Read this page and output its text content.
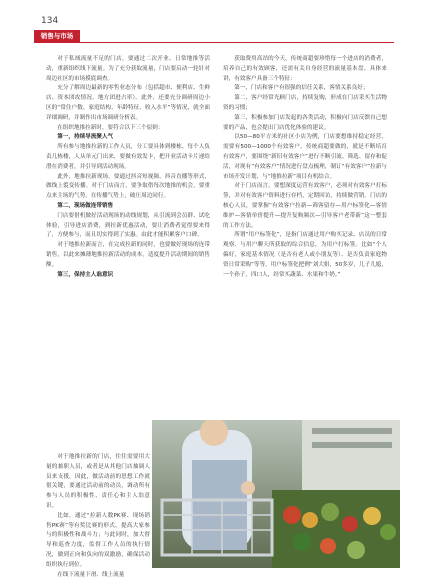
134
销售与市场

对于私域流量不足的门店，要通过二次开业、日常地推等活动，重新组织线下流量。为了充分获取流量，门店要启动一轮针对周边社区的市场摸底调查。

充分了解周边最新的零售业态分布（包括超市、便利店、生鲜店、资本团攻情况、地方团进占率）。此外，还要充分调研周边小区的“常住户数、家庭结构、年龄特征、收入水平”等情况，就全面详细调研，并制作出市场调研分析表。

在组织地推拉新时，要符合以下三个原则：

第一，持续导流聚人气

所有参与地推拉新的工作人员，分工要具体到楼栋、每个人负责几栋楼，人从单元门出来，要做有效发卡，把开业活动卡片递给潜在消费者，并引导到活动现场。

此外，地推拉新现场，要通过抖音短视频、抖音直播等形式，做线上裂变传播。对于门店而言，要争取借每次地推的机会，要重点来主场的气势，在传播气势上，破圧周边同行。

第二，现场做连带销售

门店要借机做好活动现场的动线规划，从引流到会员群、试吃体验，引导进店消费，到拉新优惠活动，要让消费者觉得要来得了，方便参与，而且切实得到了实惠。由此才能积累客户口碑。

对于地推拉新而言，在完成拉新的同时，也要做好现场的连带销售，以此来摊薄地推拉新活动的成本，适度提升活动期间的销售额。

第三，保持主人翁意识

对于地推拉新的门店，往往需要用大量的兼职人员，或者是从其他门店抽调人员来支援。因此，做活动前的思想工作就很关键，要通过活动前的动员，调动所有参与人员的积极性、责任心和主人翁意识。

比如，通过“拉新人数PK赛、现场销售PK赛”等有奖比赛的形式，提高大家参与的积极性和战斗力；与此同时，加大督导和巡查力度，监督工作人员的执行情况，做到正向和负向的双激励，确保活动组织执行到位。

在线下流量下滑、线上流量

获取费用高昂的今天，传统商超要珍惜每一个进店的消费者，培养自己的有效顾客，还需有关自身经营的流量基本盘。具体来讲，有效客户具备三个特征：

第一，门店和客户有很强的信任关系，客情关系良好；

第二，客户经常光顾门店，持续复购，形成在门店采买生活物资的习惯；

第三，积极参加门店发起的各类活动，积极向门店反馈自己想要的产品，也会提出门店优化体验的建议。

以50—80平方米的社区小店为例，门店要想维持稳定经营，需要有500—1000个有效客户。传统商超要做的，就是不断培育有效客户，要围绕“新旧有效客户”进行不断引流、筛选、留存和促活，对现有“有效客户”情况进行盘点梳理，制订“有效客户”拉新与市场开发计划，与“地推拉新”项目有机结合。

对于门店而言，要想深度运营有效客户，必须对有效客户打标签，并对有效客户资料进行存档，定期回访，持续做营销。门店的核心人员，要掌握“有效客户拉新—筛客留存—用户标签化—客情维护—客情单价提升—提升复购频次—引导客户老带新”这一整套的工作方法。

所谓“用户标签化”，是指门店通过用户购买记录、店员的日常观察、与用户聊天所获取的综合信息，为用户打标签。比如“个人偏好，家庭基本情况（是否有老人或小朋友等）、是否负责家庭物资日常采购”等等，用户标签化把例“刘大姐，50多岁，儿子儿媳，一个孙子，四口人，经常买蔬菜、水果和牛奶。”
